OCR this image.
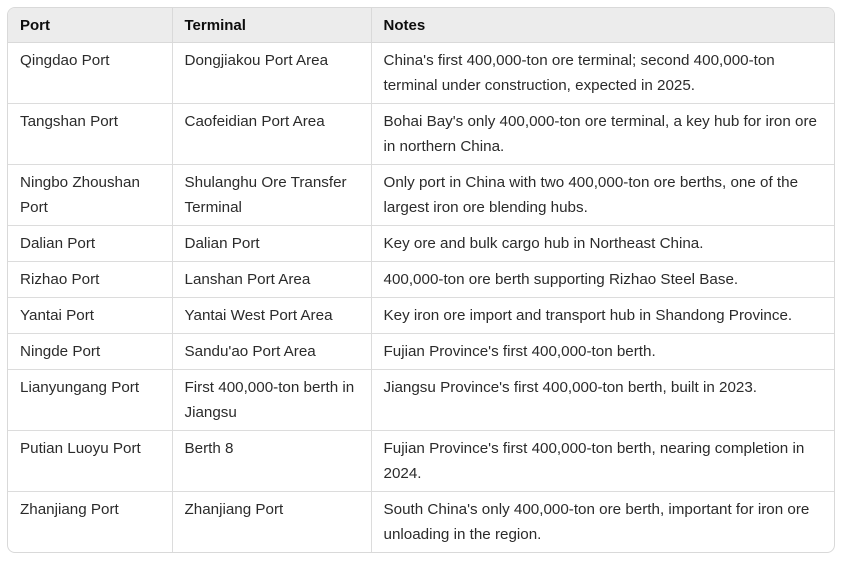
Port	Terminal	Notes
Qingdao Port	Dongjiakou Port Area	China's first 400,000-ton ore terminal; second 400,000-ton terminal under construction, expected in 2025.
Tangshan Port	Caofeidian Port Area	Bohai Bay's only 400,000-ton ore terminal, a key hub for iron ore in northern China.
Ningbo Zhoushan Port	Shulanghu Ore Transfer Terminal	Only port in China with two 400,000-ton ore berths, one of the largest iron ore blending hubs.
Dalian Port	Dalian Port	Key ore and bulk cargo hub in Northeast China.
Rizhao Port	Lanshan Port Area	400,000-ton ore berth supporting Rizhao Steel Base.
Yantai Port	Yantai West Port Area	Key iron ore import and transport hub in Shandong Province.
Ningde Port	Sandu'ao Port Area	Fujian Province's first 400,000-ton berth.
Lianyungang Port	First 400,000-ton berth in Jiangsu	Jiangsu Province's first 400,000-ton berth, built in 2023.
Putian Luoyu Port	Berth 8	Fujian Province's first 400,000-ton berth, nearing completion in 2024.
Zhanjiang Port	Zhanjiang Port	South China's only 400,000-ton ore berth, important for iron ore unloading in the region.
